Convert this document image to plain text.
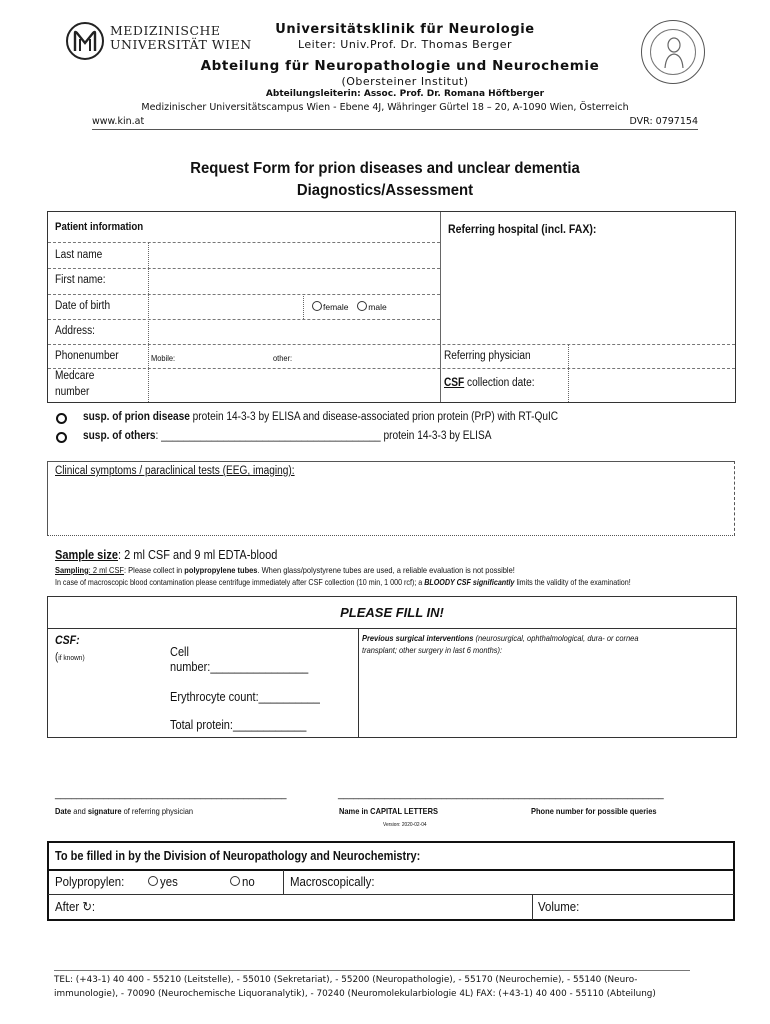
MEDIZINISCHE
UNIVERSITÄT WIEN
Universitätsklinik für Neurologie
Leiter: Univ.Prof. Dr. Thomas Berger
Abteilung für Neuropathologie und Neurochemie
(Obersteiner Institut)
Abteilungsleiterin: Assoc. Prof. Dr. Romana Höftberger
Medizinischer Universitätscampus Wien - Ebene 4J, Währinger Gürtel 18 – 20, A-1090 Wien, Österreich
www.kin.at	DVR: 0797154
Request Form for prion diseases and unclear dementia
Diagnostics/Assessment
Patient information
Last name
First name:
Date of birth	female male
Address:
Phonenumber	Mobile:	other:
Medcare
number
Referring hospital (incl. FAX):
Referring physician
CSF collection date:
susp. of prion disease protein 14-3-3 by ELISA and disease-associated prion protein (PrP) with RT-QuIC
susp. of others: _______________________________________ protein 14-3-3 by ELISA
Clinical symptoms / paraclinical tests (EEG, imaging):
Sample size: 2 ml CSF and 9 ml EDTA-blood
Sampling: 2 ml CSF: Please collect in polypropylene tubes. When glass/polystyrene tubes are used, a reliable evaluation is not possible!
In case of macroscopic blood contamination please centrifuge immediately after CSF collection (10 min, 1 000 rcf); a BLOODY CSF significantly limits the validity of the examination!
PLEASE FILL IN!
CSF:
(if known)	Cell
number:________________
Erythrocyte count:__________
Total protein:____________
Previous surgical interventions (neurosurgical, ophthalmological, dura- or cornea
transplant; other surgery in last 6 months):
___________________________________________	_______________________________________________________________
Date and signature of referring physician	Name in CAPITAL LETTERS	Phone number for possible queries
Version: 2020-02-04
To be filled in by the Division of Neuropathology and Neurochemistry:
Polypropylen:	yes	no	Macroscopically:
After ↻:	Volume:
TEL: (+43-1) 40 400 - 55210 (Leitstelle), - 55010 (Sekretariat), - 55200 (Neuropathologie), - 55170 (Neurochemie), - 55140 (Neuro-
immunologie), - 70090 (Neurochemische Liquoranalytik), - 70240 (Neuromolekularbiologie 4L) FAX: (+43-1) 40 400 - 55110 (Abteilung)
